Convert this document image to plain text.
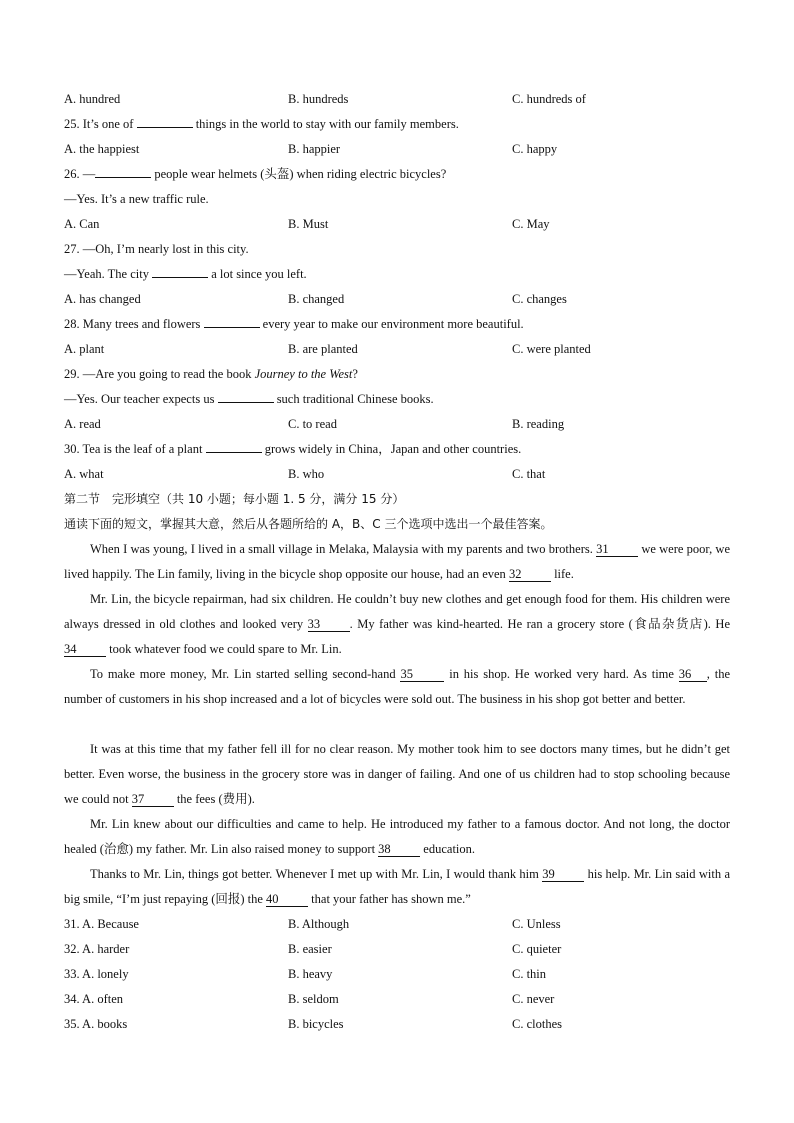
A. hundred	B. hundreds	C. hundreds of
25. It’s one of	things in the world to stay with our family members.
A. the happiest	B. happier	C. happy
26. —	people wear helmets (头盔) when riding electric bicycles?
—Yes. It’s a new traffic rule.
A. Can	B. Must	C. May
27. —Oh, I’m nearly lost in this city.
—Yeah. The city	a lot since you left.
A. has changed	B. changed	C. changes
28. Many trees and flowers	every year to make our environment more beautiful.
A. plant	B. are planted	C. were planted
29. —Are you going to read the book Journey to the West?
—Yes. Our teacher expects us	such traditional Chinese books.
A. read	C. to read	B. reading
30. Tea is the leaf of a plant	grows widely in China，Japan and other countries.
A. what	B. who	C. that
第二节　完形填空（共 10 小题；每小题 1. 5 分，满分 15 分）
通读下面的短文，掌握其大意，然后从各题所给的 A，B、C 三个选项中选出一个最佳答案。
When I was young, I lived in a small village in Melaka, Malaysia with my parents and two brothers. 31 we were poor, we lived happily. The Lin family, living in the bicycle shop opposite our house, had an even 32 life.
Mr. Lin, the bicycle repairman, had six children. He couldn’t buy new clothes and get enough food for them. His children were always dressed in old clothes and looked very 33 . My father was kind-hearted. He ran a grocery store (食品杂货店). He 34 took whatever food we could spare to Mr. Lin.
To make more money, Mr. Lin started selling second-hand 35	in his shop. He worked very hard. As time 36 , the number of customers in his shop increased and a lot of bicycles were sold out. The business in his shop got better and better.
It was at this time that my father fell ill for no clear reason. My mother took him to see doctors many times, but he didn’t get better. Even worse, the business in the grocery store was in danger of failing. And one of us children had to stop schooling because we could not 37 the fees (费用).
Mr. Lin knew about our difficulties and came to help. He introduced my father to a famous doctor. And not long, the doctor healed (治愈) my father. Mr. Lin also raised money to support 38 education.
Thanks to Mr. Lin, things got better. Whenever I met up with Mr. Lin, I would thank him 39 his help. Mr. Lin said with a big smile, “I’m just repaying (回报) the 40 that your father has shown me.”
31. A. Because	B. Although	C. Unless
32. A. harder	B. easier	C. quieter
33. A. lonely	B. heavy	C. thin
34. A. often	B. seldom	C. never
35. A. books	B. bicycles	C. clothes
